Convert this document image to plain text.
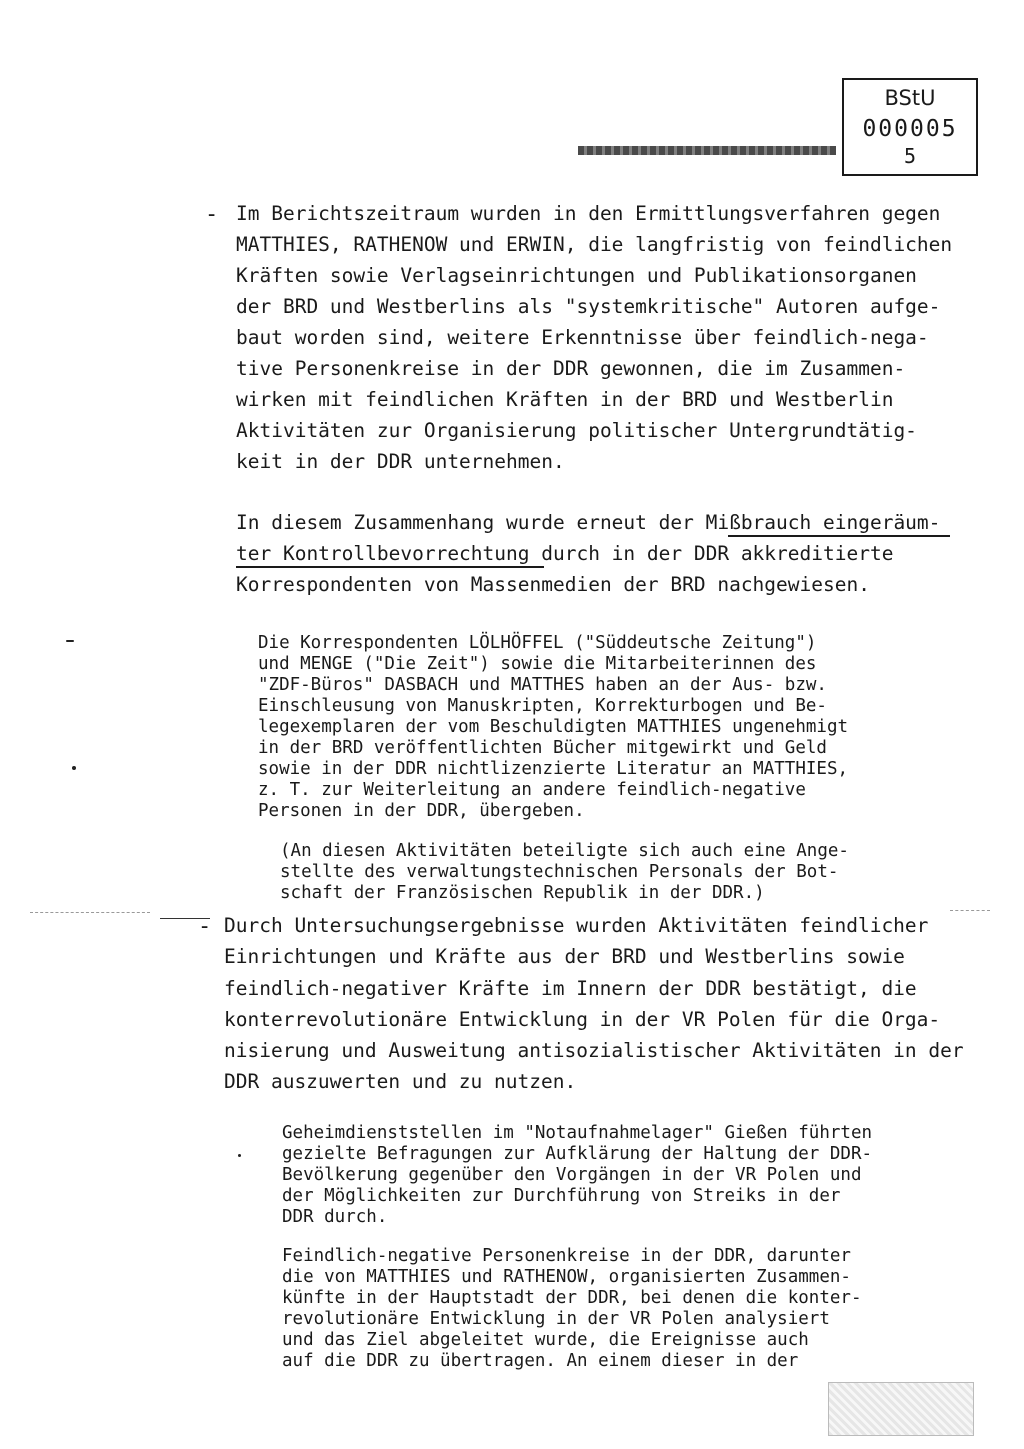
BStU
000005
5
- Im Berichtszeitraum wurden in den Ermittlungsverfahren gegen
MATTHIES, RATHENOW und ERWIN, die langfristig von feindlichen
Kräften sowie Verlagseinrichtungen und Publikationsorganen
der BRD und Westberlins als "systemkritische" Autoren aufge-
baut worden sind, weitere Erkenntnisse über feindlich-nega-
tive Personenkreise in der DDR gewonnen, die im Zusammen-
wirken mit feindlichen Kräften in der BRD und Westberlin
Aktivitäten zur Organisierung politischer Untergrundtätig-
keit in der DDR unternehmen.
In diesem Zusammenhang wurde erneut der Mißbrauch eingeräum-
ter Kontrollbevorrechtung durch in der DDR akkreditierte
Korrespondenten von Massenmedien der BRD nachgewiesen.
Die Korrespondenten LÖLHÖFFEL ("Süddeutsche Zeitung")
und MENGE ("Die Zeit") sowie die Mitarbeiterinnen des
"ZDF-Büros" DASBACH und MATTHES haben an der Aus- bzw.
Einschleusung von Manuskripten, Korrekturbogen und Be-
legexemplaren der vom Beschuldigten MATTHIES ungenehmigt
in der BRD veröffentlichten Bücher mitgewirkt und Geld
sowie in der DDR nichtlizenzierte Literatur an MATTHIES,
z. T. zur Weiterleitung an andere feindlich-negative
Personen in der DDR, übergeben.
(An diesen Aktivitäten beteiligte sich auch eine Ange-
stellte des verwaltungstechnischen Personals der Bot-
schaft der Französischen Republik in der DDR.)
- Durch Untersuchungsergebnisse wurden Aktivitäten feindlicher
Einrichtungen und Kräfte aus der BRD und Westberlins sowie
feindlich-negativer Kräfte im Innern der DDR bestätigt, die
konterrevolutionäre Entwicklung in der VR Polen für die Orga-
nisierung und Ausweitung antisozialistischer Aktivitäten in der
DDR auszuwerten und zu nutzen.
Geheimdienststellen im "Notaufnahmelager" Gießen führten
gezielte Befragungen zur Aufklärung der Haltung der DDR-
Bevölkerung gegenüber den Vorgängen in der VR Polen und
der Möglichkeiten zur Durchführung von Streiks in der
DDR durch.
Feindlich-negative Personenkreise in der DDR, darunter
die von MATTHIES und RATHENOW, organisierten Zusammen-
künfte in der Hauptstadt der DDR, bei denen die konter-
revolutionäre Entwicklung in der VR Polen analysiert
und das Ziel abgeleitet wurde, die Ereignisse auch
auf die DDR zu übertragen. An einem dieser in der
